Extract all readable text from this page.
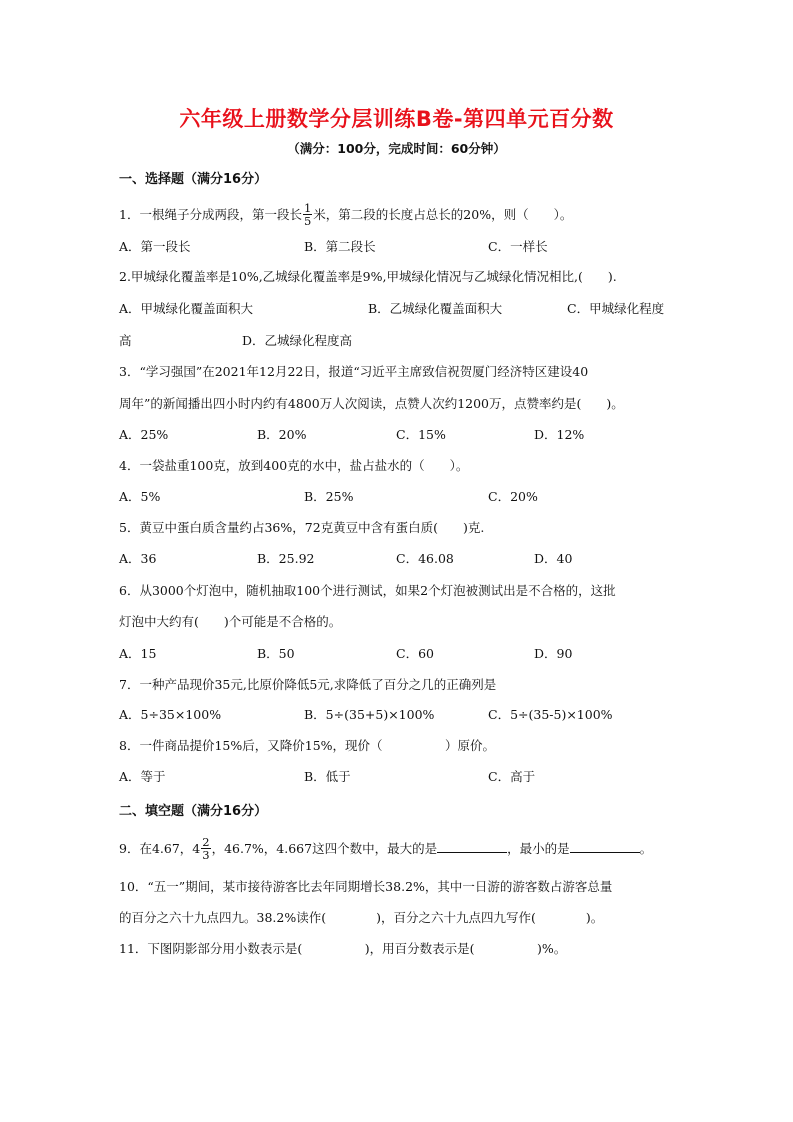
六年级上册数学分层训练B卷-第四单元百分数
（满分：100分，完成时间：60分钟）
一、选择题（满分16分）
1．一根绳子分成两段，第一段长 $\frac{1}{5}$ 米，第二段的长度占总长的20%，则（　　）。
A．第一段长	B．第二段长	C．一样长
2.甲城绿化覆盖率是10%,乙城绿化覆盖率是9%,甲城绿化情况与乙城绿化情况相比,(　　).
A．甲城绿化覆盖面积大	B．乙城绿化覆盖面积大	C．甲城绿化程度
高	D．乙城绿化程度高
3．“学习强国”在2021年12月22日，报道“习近平主席致信祝贺厦门经济特区建设40
周年”的新闻播出四小时内约有4800万人次阅读，点赞人次约1200万，点赞率约是(　　)。
A．25%	B．20%	C．15%	D．12%
4．一袋盐重100克，放到400克的水中，盐占盐水的（　　）。
A．5%	B．25%	C．20%
5．黄豆中蛋白质含量约占36%，72克黄豆中含有蛋白质(　　)克.
A．36	B．25.92	C．46.08	D．40
6．从3000个灯泡中，随机抽取100个进行测试，如果2个灯泡被测试出是不合格的，这批
灯泡中大约有(　　)个可能是不合格的。
A．15	B．50	C．60	D．90
7．一种产品现价35元,比原价降低5元,求降低了百分之几的正确列是
A．5÷35×100%	B．5÷(35+5)×100%	C．5÷(35-5)×100%
8．一件商品提价15%后，又降价15%，现价（　　　　　）原价。
A．等于	B．低于	C．高于
二、填空题（满分16分）
9．在4.67，$4 \frac{2}{3}$ ，46.7%，4.667这四个数中，最大的是	，最小的是	。
10．“五一”期间，某市接待游客比去年同期增长38.2%，其中一日游的游客数占游客总量
的百分之六十九点四九。38.2%读作(　　　　)，百分之六十九点四九写作(　　　　)。
11．下图阴影部分用小数表示是(　　　　　)，用百分数表示是(　　　　　)%。
